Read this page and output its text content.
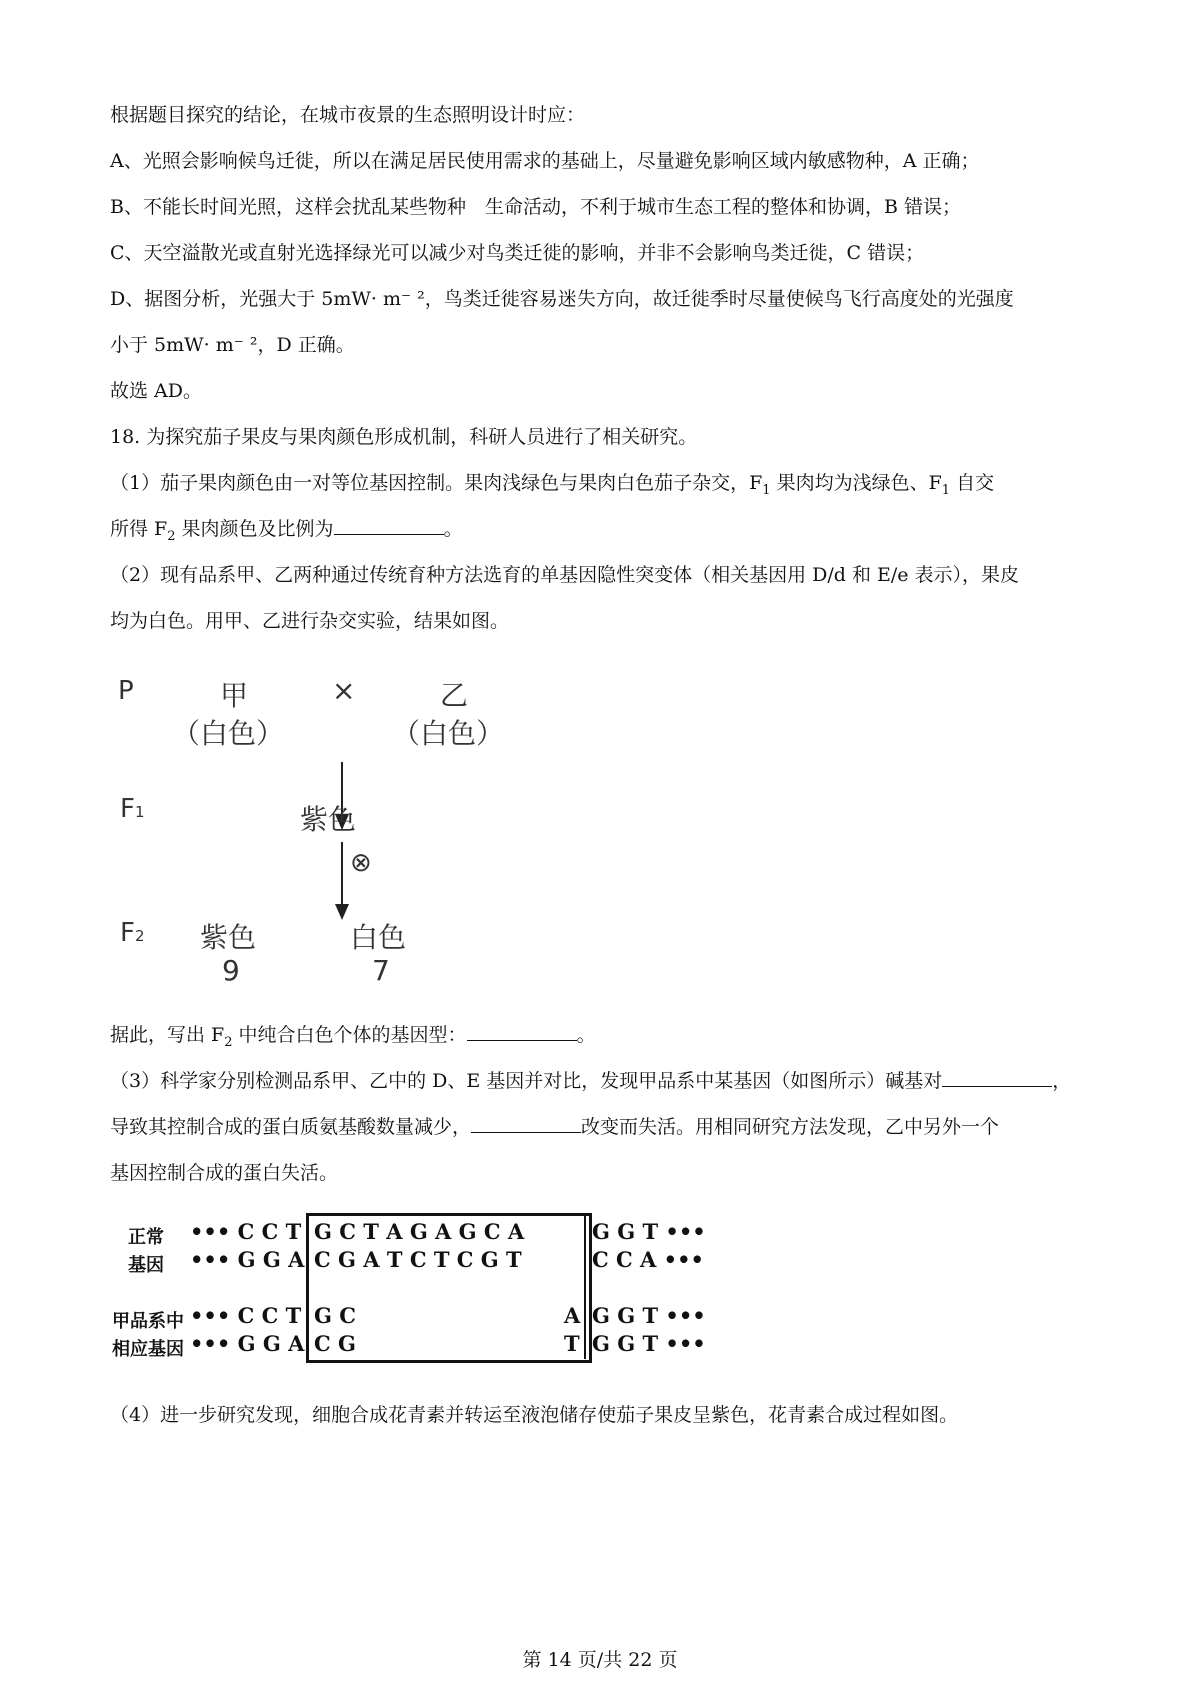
根据题目探究的结论，在城市夜景的生态照明设计时应：

A、光照会影响候鸟迁徙，所以在满足居民使用需求的基础上，尽量避免影响区域内敏感物种，A 正确；

B、不能长时间光照，这样会扰乱某些物种　生命活动，不利于城市生态工程的整体和协调，B 错误；

C、天空溢散光或直射光选择绿光可以减少对鸟类迁徙的影响，并非不会影响鸟类迁徙，C 错误；

D、据图分析，光强大于 5mW· m⁻ ²，鸟类迁徙容易迷失方向，故迁徙季时尽量使候鸟飞行高度处的光强度

小于 5mW· m⁻ ²，D 正确。

故选 AD。

18. 为探究茄子果皮与果肉颜色形成机制，科研人员进行了相关研究。

（1）茄子果肉颜色由一对等位基因控制。果肉浅绿色与果肉白色茄子杂交，$F_1$ 果肉均为浅绿色、$F_1$ 自交

所得 $F_2$ 果肉颜色及比例为	。

（2）现有品系甲、乙两种通过传统育种方法选育的单基因隐性突变体（相关基因用 D/d 和 E/e 表示），果皮

均为白色。用甲、乙进行杂交实验，结果如图。

P	甲
（白色）
×	乙
（白色）
F1	紫色
⊗
F2 紫色
9
白色
7

据此，写出 $F_2$ 中纯合白色个体的基因型：	。

（3）科学家分别检测品系甲、乙中的 D、E 基因并对比，发现甲品系中某基因（如图所示）碱基对	，

导致其控制合成的蛋白质氨基酸数量减少，	改变而失活。用相同研究方法发现，乙中另外一个

基因控制合成的蛋白失活。

正常
基因
甲品系中
相应基因
••• C C T G C T A G A G C A	G G T •••
••• G G A C G A T C T C G T	C C A •••
••• C C T G C	A G G T •••
••• G G A C G	T G G T •••

（4）进一步研究发现，细胞合成花青素并转运至液泡储存使茄子果皮呈紫色，花青素合成过程如图。

第 14 页/共 22 页
